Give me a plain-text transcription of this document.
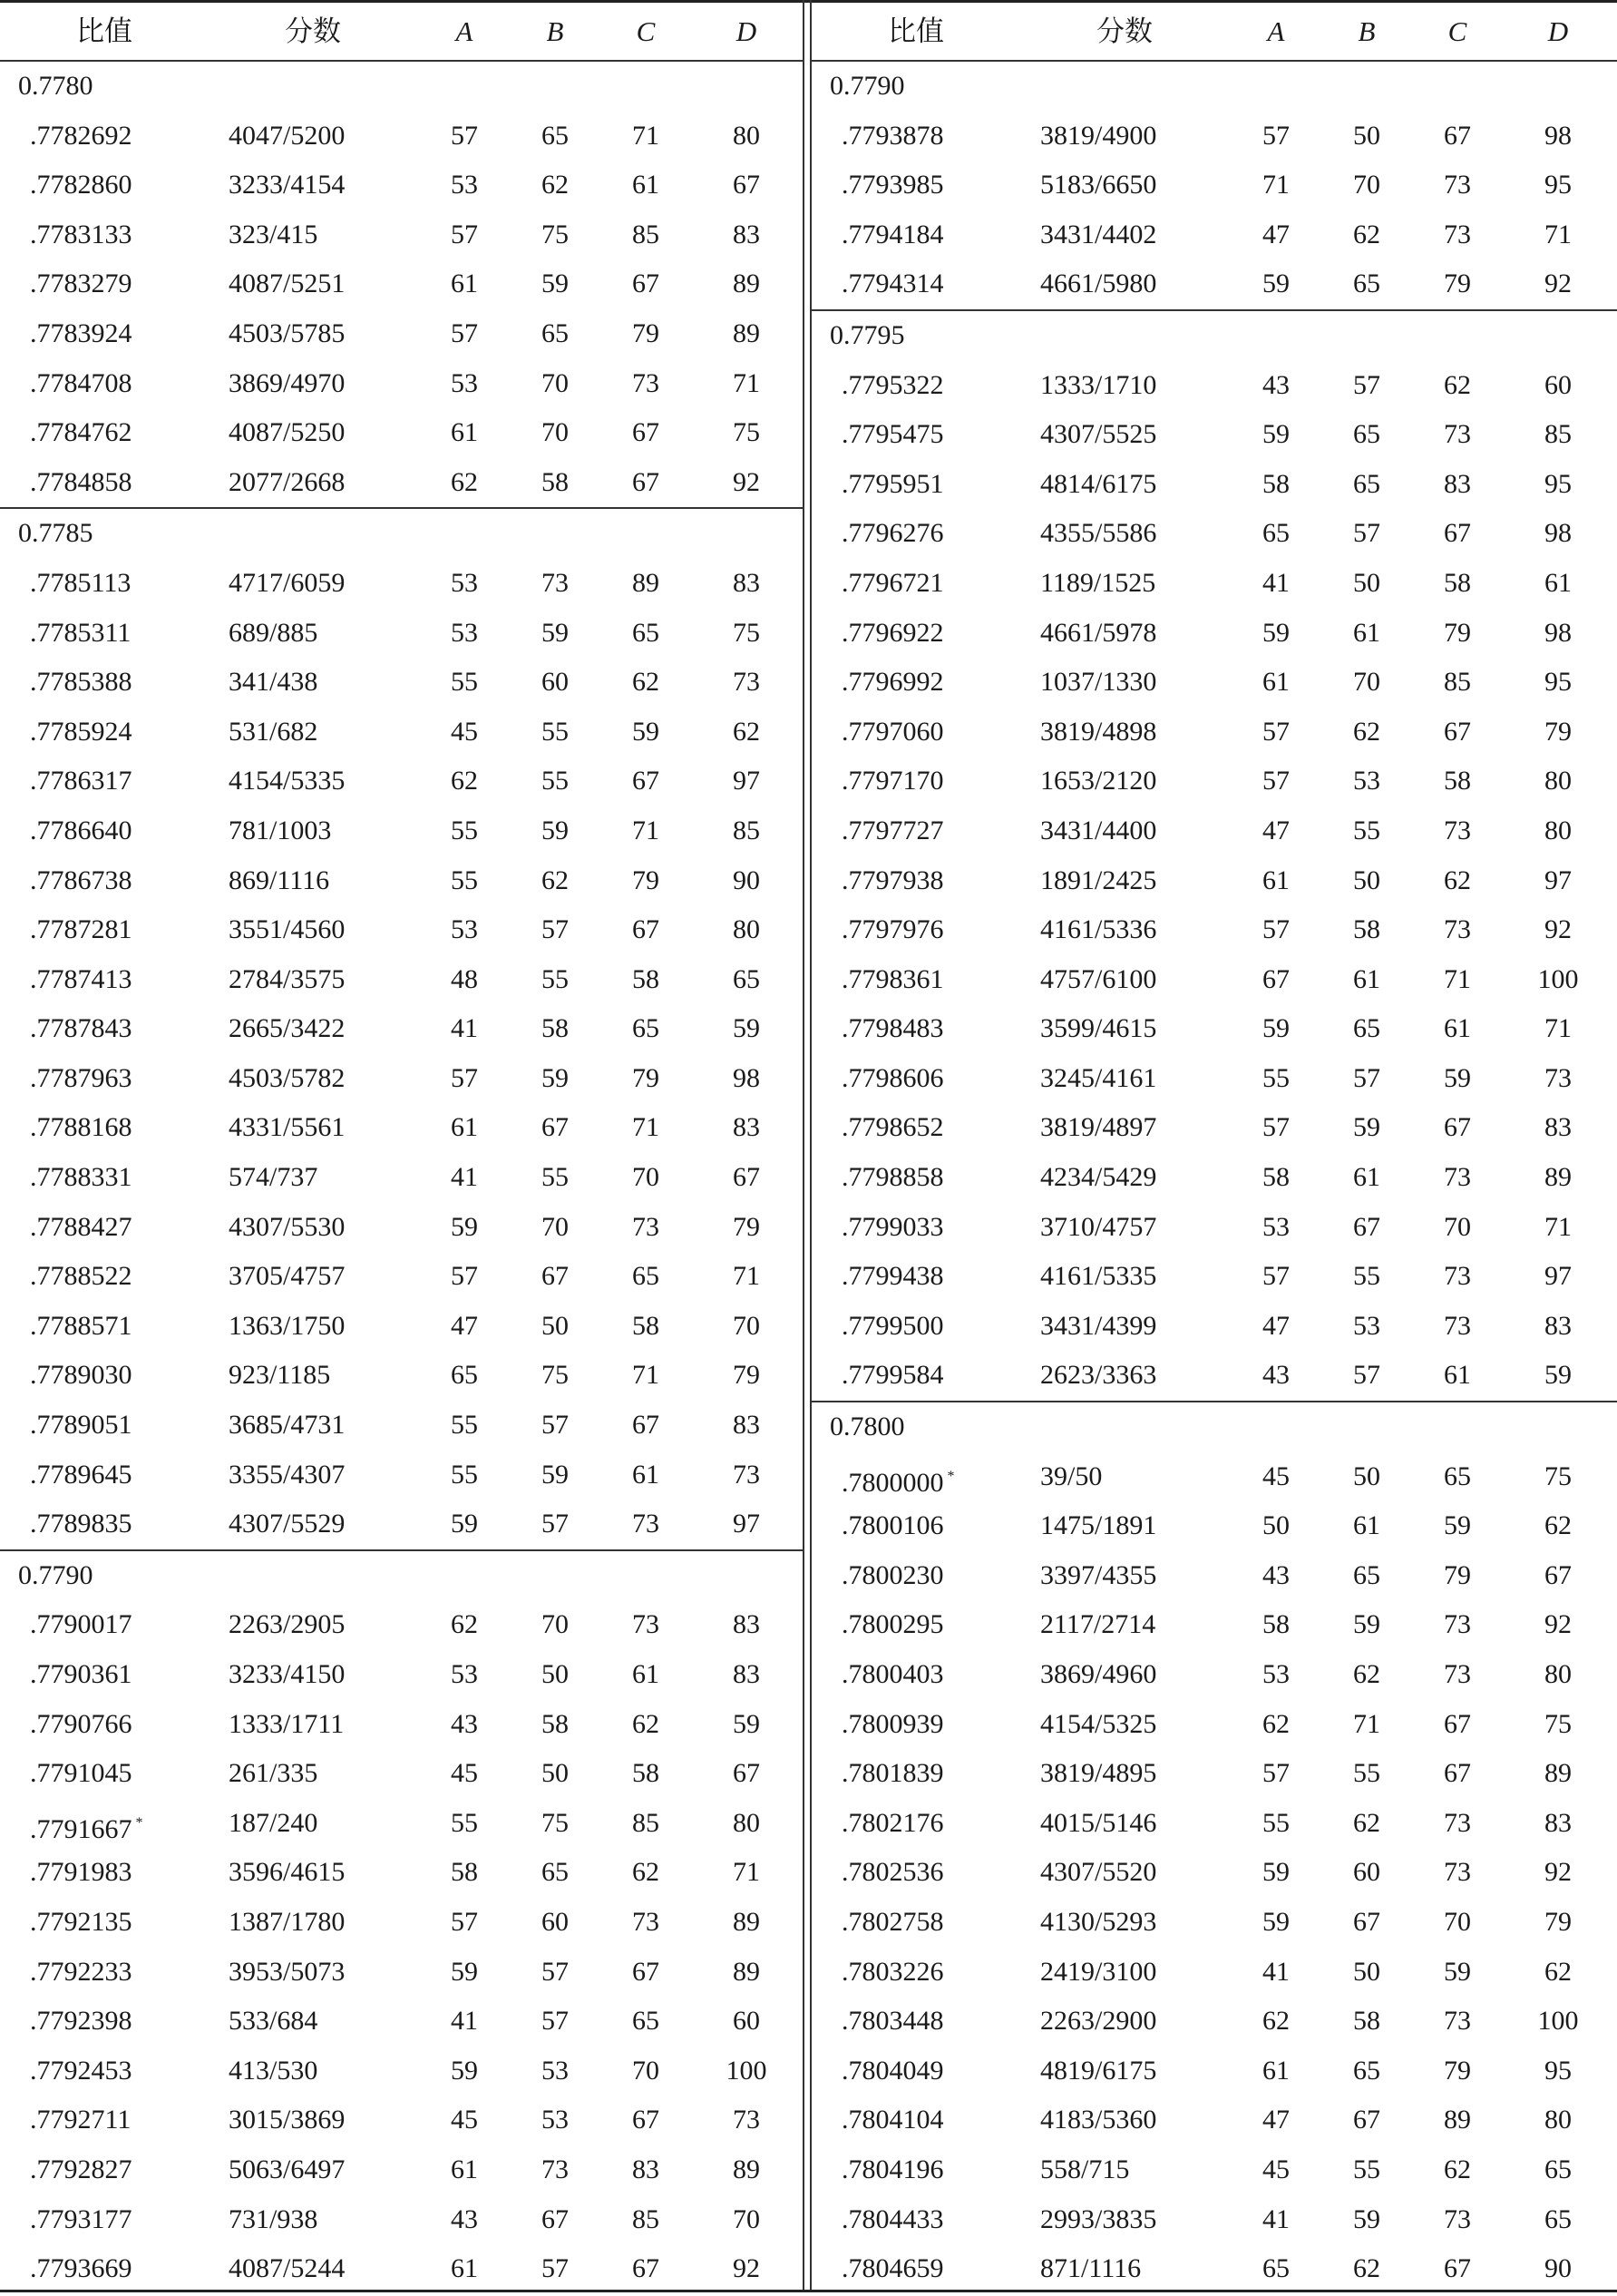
比值	分数	A	B	C	D
0.7780
.7782692	4047/5200	57	65	71	80
.7782860	3233/4154	53	62	61	67
.7783133	323/415	57	75	85	83
.7783279	4087/5251	61	59	67	89
.7783924	4503/5785	57	65	79	89
.7784708	3869/4970	53	70	73	71
.7784762	4087/5250	61	70	67	75
.7784858	2077/2668	62	58	67	92
0.7785
.7785113	4717/6059	53	73	89	83
.7785311	689/885	53	59	65	75
.7785388	341/438	55	60	62	73
.7785924	531/682	45	55	59	62
.7786317	4154/5335	62	55	67	97
.7786640	781/1003	55	59	71	85
.7786738	869/1116	55	62	79	90
.7787281	3551/4560	53	57	67	80
.7787413	2784/3575	48	55	58	65
.7787843	2665/3422	41	58	65	59
.7787963	4503/5782	57	59	79	98
.7788168	4331/5561	61	67	71	83
.7788331	574/737	41	55	70	67
.7788427	4307/5530	59	70	73	79
.7788522	3705/4757	57	67	65	71
.7788571	1363/1750	47	50	58	70
.7789030	923/1185	65	75	71	79
.7789051	3685/4731	55	57	67	83
.7789645	3355/4307	55	59	61	73
.7789835	4307/5529	59	57	73	97
0.7790
.7790017	2263/2905	62	70	73	83
.7790361	3233/4150	53	50	61	83
.7790766	1333/1711	43	58	62	59
.7791045	261/335	45	50	58	67
.7791667 *	187/240	55	75	85	80
.7791983	3596/4615	58	65	62	71
.7792135	1387/1780	57	60	73	89
.7792233	3953/5073	59	57	67	89
.7792398	533/684	41	57	65	60
.7792453	413/530	59	53	70	100
.7792711	3015/3869	45	53	67	73
.7792827	5063/6497	61	73	83	89
.7793177	731/938	43	67	85	70
.7793669	4087/5244	61	57	67	92
比值	分数	A	B	C	D
0.7790
.7793878	3819/4900	57	50	67	98
.7793985	5183/6650	71	70	73	95
.7794184	3431/4402	47	62	73	71
.7794314	4661/5980	59	65	79	92
0.7795
.7795322	1333/1710	43	57	62	60
.7795475	4307/5525	59	65	73	85
.7795951	4814/6175	58	65	83	95
.7796276	4355/5586	65	57	67	98
.7796721	1189/1525	41	50	58	61
.7796922	4661/5978	59	61	79	98
.7796992	1037/1330	61	70	85	95
.7797060	3819/4898	57	62	67	79
.7797170	1653/2120	57	53	58	80
.7797727	3431/4400	47	55	73	80
.7797938	1891/2425	61	50	62	97
.7797976	4161/5336	57	58	73	92
.7798361	4757/6100	67	61	71	100
.7798483	3599/4615	59	65	61	71
.7798606	3245/4161	55	57	59	73
.7798652	3819/4897	57	59	67	83
.7798858	4234/5429	58	61	73	89
.7799033	3710/4757	53	67	70	71
.7799438	4161/5335	57	55	73	97
.7799500	3431/4399	47	53	73	83
.7799584	2623/3363	43	57	61	59
0.7800
.7800000 *	39/50	45	50	65	75
.7800106	1475/1891	50	61	59	62
.7800230	3397/4355	43	65	79	67
.7800295	2117/2714	58	59	73	92
.7800403	3869/4960	53	62	73	80
.7800939	4154/5325	62	71	67	75
.7801839	3819/4895	57	55	67	89
.7802176	4015/5146	55	62	73	83
.7802536	4307/5520	59	60	73	92
.7802758	4130/5293	59	67	70	79
.7803226	2419/3100	41	50	59	62
.7803448	2263/2900	62	58	73	100
.7804049	4819/6175	61	65	79	95
.7804104	4183/5360	47	67	89	80
.7804196	558/715	45	55	62	65
.7804433	2993/3835	41	59	73	65
.7804659	871/1116	65	62	67	90
